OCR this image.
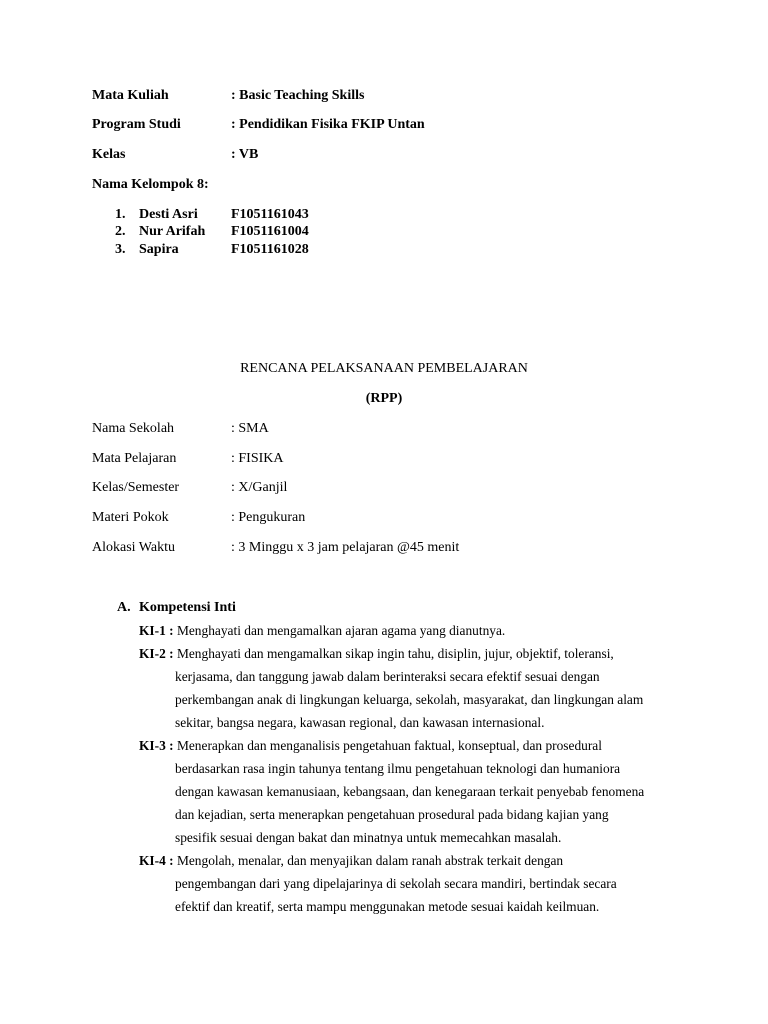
Mata Kuliah	: Basic Teaching Skills
Program Studi	: Pendidikan Fisika FKIP Untan
Kelas	: VB
Nama Kelompok 8:
1. Desti Asri F1051161043
2. Nur Arifah F1051161004
3. Sapira	F1051161028
RENCANA PELAKSANAAN PEMBELAJARAN
(RPP)
Nama Sekolah	: SMA
Mata Pelajaran	: FISIKA
Kelas/Semester	: X/Ganjil
Materi Pokok	: Pengukuran
Alokasi Waktu	: 3 Minggu x 3 jam pelajaran @45 menit
A. Kompetensi Inti
KI-1 : Menghayati dan mengamalkan ajaran agama yang dianutnya.
KI-2 : Menghayati dan mengamalkan sikap ingin tahu, disiplin, jujur, objektif, toleransi,
kerjasama, dan tanggung jawab dalam berinteraksi secara efektif sesuai dengan
perkembangan anak di lingkungan keluarga, sekolah, masyarakat, dan lingkungan alam
sekitar, bangsa negara, kawasan regional, dan kawasan internasional.
KI-3 : Menerapkan dan menganalisis pengetahuan faktual, konseptual, dan prosedural
berdasarkan rasa ingin tahunya tentang ilmu pengetahuan teknologi dan humaniora
dengan kawasan kemanusiaan, kebangsaan, dan kenegaraan terkait penyebab fenomena
dan kejadian, serta menerapkan pengetahuan prosedural pada bidang kajian yang
spesifik sesuai dengan bakat dan minatnya untuk memecahkan masalah.
KI-4 : Mengolah, menalar, dan menyajikan dalam ranah abstrak terkait dengan
pengembangan dari yang dipelajarinya di sekolah secara mandiri, bertindak secara
efektif dan kreatif, serta mampu menggunakan metode sesuai kaidah keilmuan.
